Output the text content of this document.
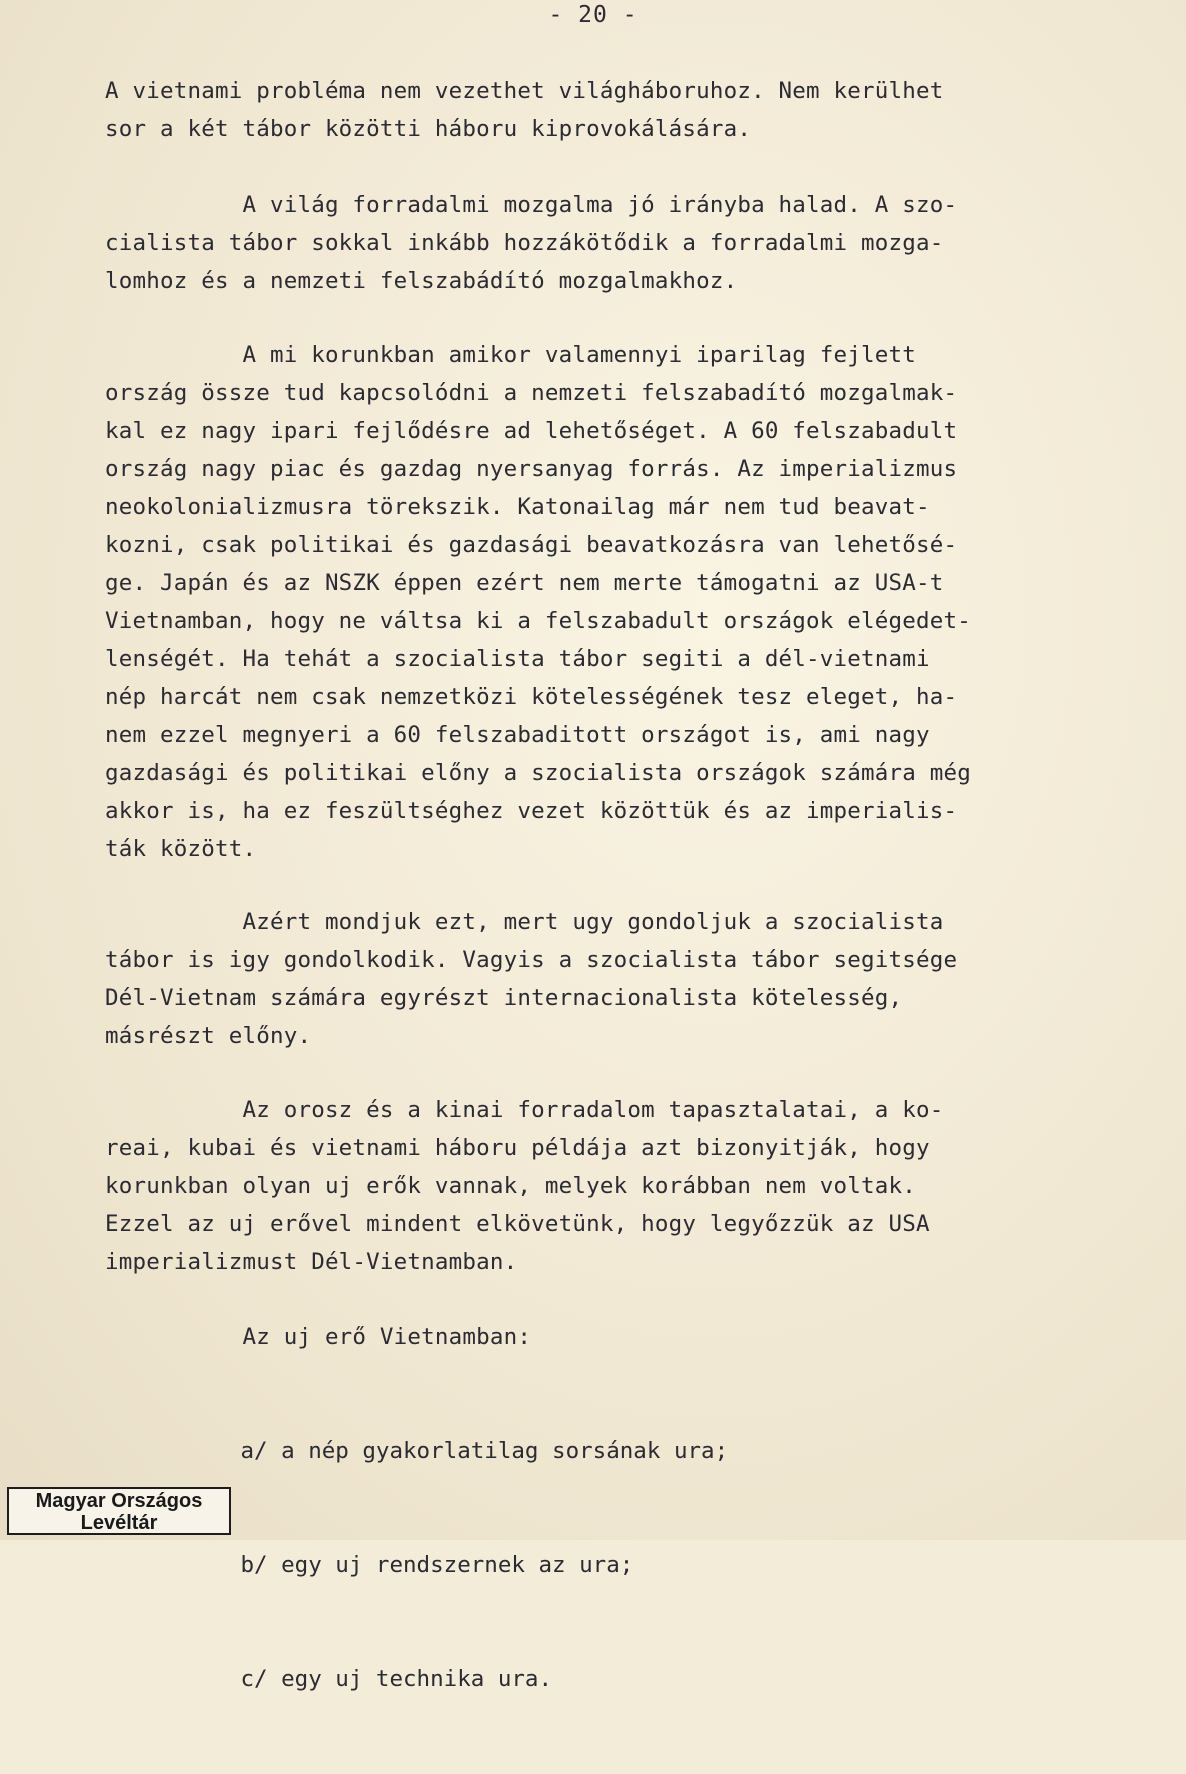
- 20 -

A vietnami probléma nem vezethet világháboruhoz. Nem kerülhet
sor a két tábor közötti háboru kiprovokálására.

A világ forradalmi mozgalma jó irányba halad. A szo-
cialista tábor sokkal inkább hozzákötődik a forradalmi mozga-
lomhoz és a nemzeti felszabádító mozgalmakhoz.

A mi korunkban amikor valamennyi iparilag fejlett
ország össze tud kapcsolódni a nemzeti felszabadító mozgalmak-
kal ez nagy ipari fejlődésre ad lehetőséget. A 60 felszabadult
ország nagy piac és gazdag nyersanyag forrás. Az imperializmus
neokolonializmusra törekszik. Katonailag már nem tud beavat-
kozni, csak politikai és gazdasági beavatkozásra van lehetősé-
ge. Japán és az NSZK éppen ezért nem merte támogatni az USA-t
Vietnamban, hogy ne váltsa ki a felszabadult országok elégedet-
lenségét. Ha tehát a szocialista tábor segiti a dél-vietnami
nép harcát nem csak nemzetközi kötelességének tesz eleget, ha-
nem ezzel megnyeri a 60 felszabaditott országot is, ami nagy
gazdasági és politikai előny a szocialista országok számára még
akkor is, ha ez feszültséghez vezet közöttük és az imperialis-
ták között.

Azért mondjuk ezt, mert ugy gondoljuk a szocialista
tábor is igy gondolkodik. Vagyis a szocialista tábor segitsége
Dél-Vietnam számára egyrészt internacionalista kötelesség,
másrészt előny.

Az orosz és a kinai forradalom tapasztalatai, a ko-
reai, kubai és vietnami háboru példája azt bizonyitják, hogy
korunkban olyan uj erők vannak, melyek korábban nem voltak.
Ezzel az uj erővel mindent elkövetünk, hogy legyőzzük az USA
imperializmust Dél-Vietnamban.

Az uj erő Vietnamban:

a/ a nép gyakorlatilag sorsának ura;

b/ egy uj rendszernek az ura;

c/ egy uj technika ura.

Magyar Országos
Levéltár
